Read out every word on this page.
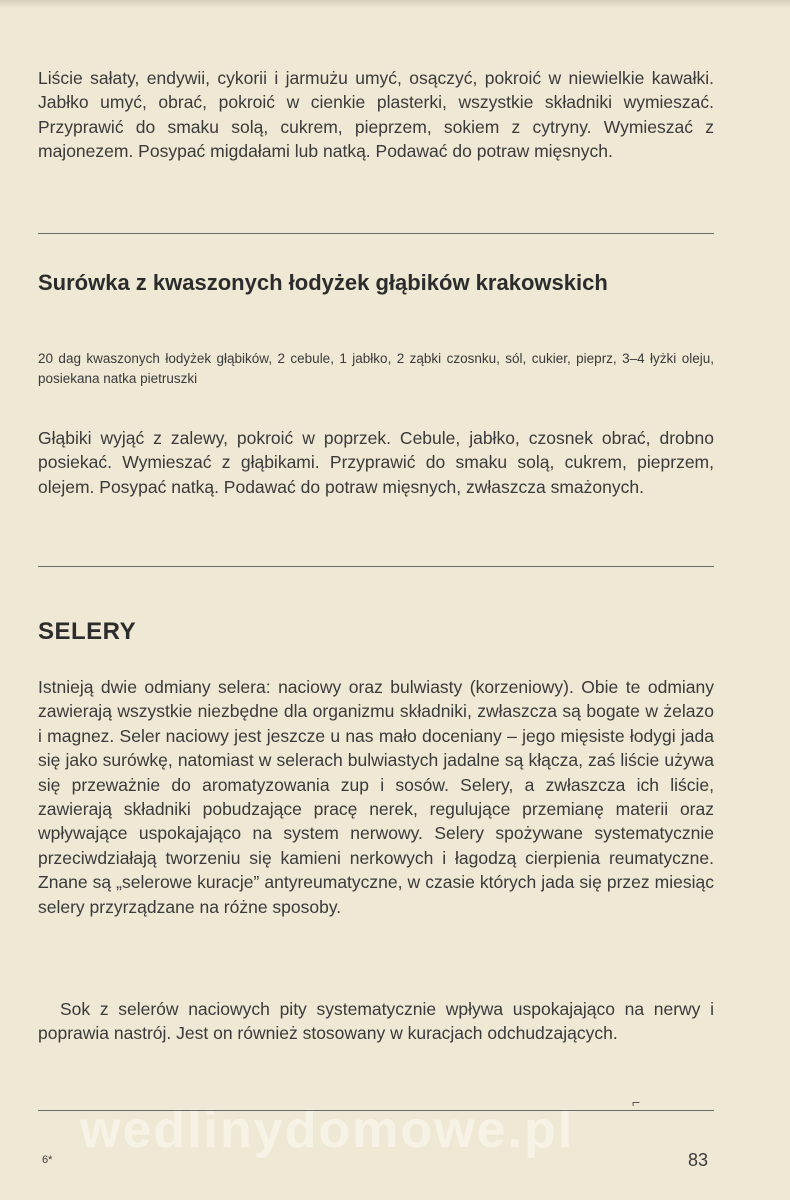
Liście sałaty, endywii, cykorii i jarmużu umyć, osączyć, pokroić w niewielkie kawałki. Jabłko umyć, obrać, pokroić w cienkie plasterki, wszystkie składniki wymieszać. Przyprawić do smaku solą, cukrem, pieprzem, sokiem z cytryny. Wymieszać z majonezem. Posypać migdałami lub natką. Podawać do potraw mięsnych.

Surówka z kwaszonych łodyżek głąbików krakowskich

20 dag kwaszonych łodyżek głąbików, 2 cebule, 1 jabłko, 2 ząbki czosnku, sól, cukier, pieprz, 3–4 łyżki oleju, posiekana natka pietruszki

Głąbiki wyjąć z zalewy, pokroić w poprzek. Cebule, jabłko, czosnek obrać, drobno posiekać. Wymieszać z głąbikami. Przyprawić do smaku solą, cukrem, pieprzem, olejem. Posypać natką. Podawać do potraw mięsnych, zwłaszcza smażonych.

SELERY

Istnieją dwie odmiany selera: naciowy oraz bulwiasty (korzeniowy). Obie te odmiany zawierają wszystkie niezbędne dla organizmu składniki, zwłaszcza są bogate w żelazo i magnez. Seler naciowy jest jeszcze u nas mało doceniany – jego mięsiste łodygi jada się jako surówkę, natomiast w selerach bulwiastych jadalne są kłącza, zaś liście używa się przeważnie do aromatyzowania zup i sosów. Selery, a zwłaszcza ich liście, zawierają składniki pobudzające pracę nerek, regulujące przemianę materii oraz wpływające uspokajająco na system nerwowy. Selery spożywane systematycznie przeciwdziałają tworzeniu się kamieni nerkowych i łagodzą cierpienia reumatyczne. Znane są „selerowe kuracje” antyreumatyczne, w czasie których jada się przez miesiąc selery przyrządzane na różne sposoby.

Sok z selerów naciowych pity systematycznie wpływa uspokajająco na nerwy i poprawia nastrój. Jest on również stosowany w kuracjach odchudzających.

wedlinydomowe.pl	⌐
6*	83
